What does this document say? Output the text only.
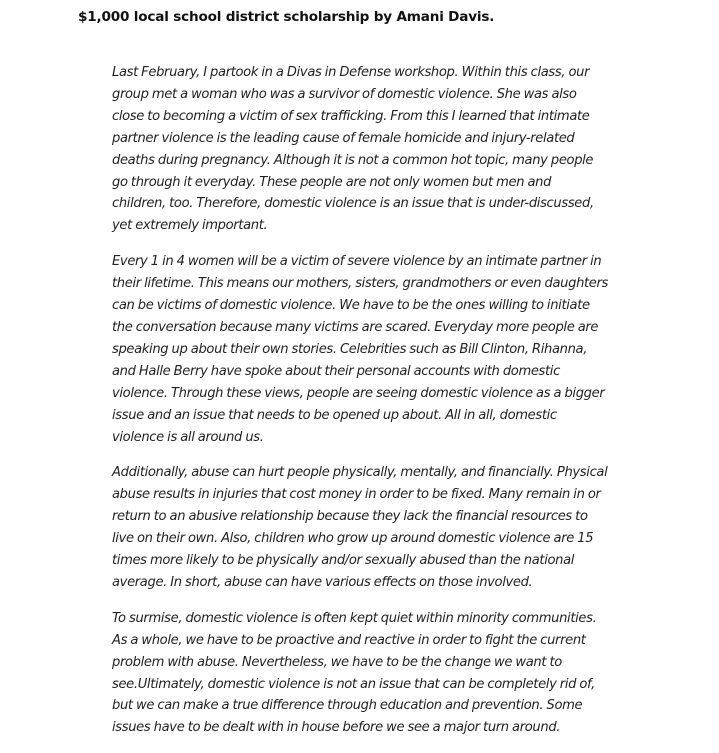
$1,000 local school district scholarship by Amani Davis.

Last February, I partook in a Divas in Defense workshop. Within this class, our group met a woman who was a survivor of domestic violence. She was also close to becoming a victim of sex trafficking. From this I learned that intimate partner violence is the leading cause of female homicide and injury-related deaths during pregnancy. Although it is not a common hot topic, many people go through it everyday. These people are not only women but men and children, too. Therefore, domestic violence is an issue that is under-discussed, yet extremely important.

Every 1 in 4 women will be a victim of severe violence by an intimate partner in their lifetime. This means our mothers, sisters, grandmothers or even daughters can be victims of domestic violence. We have to be the ones willing to initiate the conversation because many victims are scared. Everyday more people are speaking up about their own stories. Celebrities such as Bill Clinton, Rihanna, and Halle Berry have spoke about their personal accounts with domestic violence. Through these views, people are seeing domestic violence as a bigger issue and an issue that needs to be opened up about. All in all, domestic violence is all around us.

Additionally, abuse can hurt people physically, mentally, and financially. Physical abuse results in injuries that cost money in order to be fixed. Many remain in or return to an abusive relationship because they lack the financial resources to live on their own. Also, children who grow up around domestic violence are 15 times more likely to be physically and/or sexually abused than the national average. In short, abuse can have various effects on those involved.

To surmise, domestic violence is often kept quiet within minority communities. As a whole, we have to be proactive and reactive in order to fight the current problem with abuse. Nevertheless, we have to be the change we want to see.Ultimately, domestic violence is not an issue that can be completely rid of, but we can make a true difference through education and prevention. Some issues have to be dealt with in house before we see a major turn around.
